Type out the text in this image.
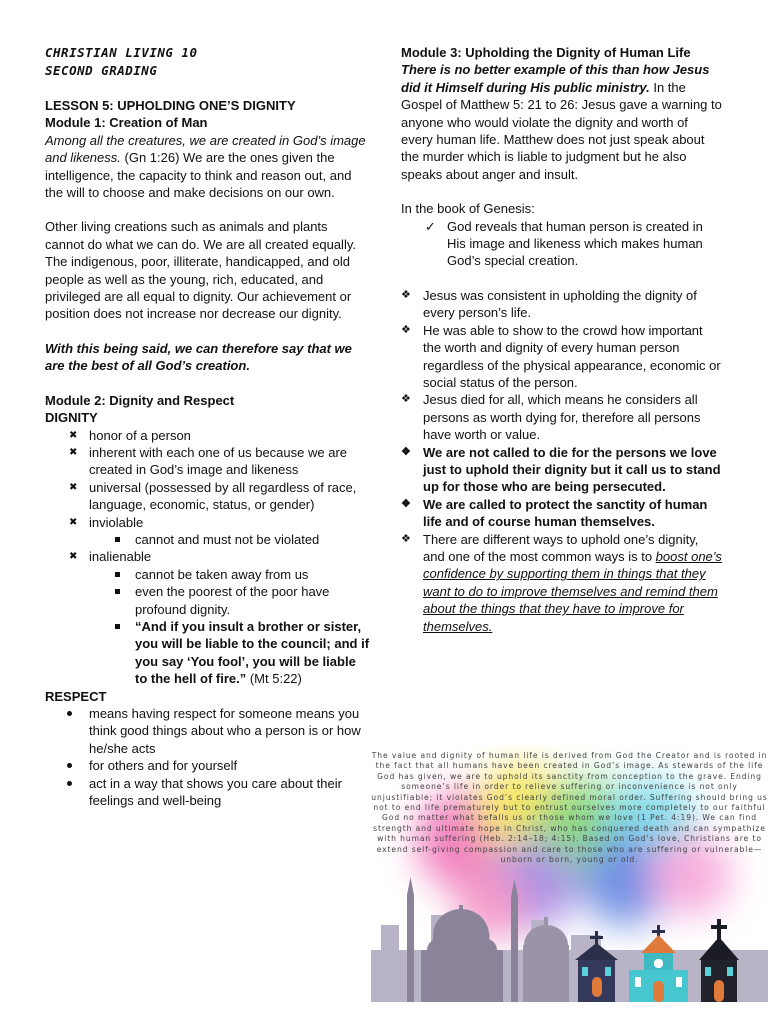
CHRISTIAN LIVING 10
SECOND GRADING
LESSON 5: UPHOLDING ONE’S DIGNITY
Module 1: Creation of Man

Among all the creatures, we are created in God’s image and likeness. (Gn 1:26) We are the ones given the intelligence, the capacity to think and reason out, and the will to choose and make decisions on our own.

Other living creations such as animals and plants cannot do what we can do. We are all created equally. The indigenous, poor, illiterate, handicapped, and old people as well as the young, rich, educated, and privileged are all equal to dignity. Our achievement or position does not increase nor decrease our dignity.

With this being said, we can therefore say that we are the best of all God’s creation.

Module 2: Dignity and Respect
DIGNITY
✖ honor of a person
✖ inherent with each one of us because we are created in God’s image and likeness
✖ universal (possessed by all regardless of race, language, economic, status, or gender)
✖ inviolable
cannot and must not be violated
✖ inalienable
cannot be taken away from us
even the poorest of the poor have profound dignity.
“And if you insult a brother or sister, you will be liable to the council; and if you say ‘You fool’, you will be liable to the hell of fire.” (Mt 5:22)
RESPECT
means having respect for someone means you think good things about who a person is or how he/she acts
for others and for yourself
act in a way that shows you care about their feelings and well-being
Module 3: Upholding the Dignity of Human Life

There is no better example of this than how Jesus did it Himself during His public ministry. In the Gospel of Matthew 5: 21 to 26: Jesus gave a warning to anyone who would violate the dignity and worth of every human life. Matthew does not just speak about the murder which is liable to judgment but he also speaks about anger and insult.

In the book of Genesis:
✓ God reveals that human person is created in His image and likeness which makes human God’s special creation.
❖ Jesus was consistent in upholding the dignity of every person’s life.
❖ He was able to show to the crowd how important the worth and dignity of every human person regardless of the physical appearance, economic or social status of the person.
❖ Jesus died for all, which means he considers all persons as worth dying for, therefore all persons have worth or value.
❖ We are not called to die for the persons we love just to uphold their dignity but it call us to stand up for those who are being persecuted.
❖ We are called to protect the sanctity of human life and of course human themselves.
❖ There are different ways to uphold one’s dignity, and one of the most common ways is to boost one’s confidence by supporting them in things that they want to do to improve themselves and remind them about the things that they have to improve for themselves.
The value and dignity of human life is derived from God the Creator and is rooted in the fact that all humans have been created in God’s image. As stewards of the life God has given, we are to uphold its sanctity from conception to the grave. Ending someone’s life in order to relieve suffering or inconvenience is not only unjustifiable; it violates God’s clearly defined moral order. Suffering should bring us not to end life prematurely but to entrust ourselves more completely to our faithful God no matter what befalls us or those whom we love (1 Pet. 4:19). We can find strength and ultimate hope in Christ, who has conquered death and can sympathize with human suffering (Heb. 2:14–18; 4:15). Based on God’s love, Christians are to extend self-giving compassion and care to those who are suffering or vulnerable—unborn or born, young or old.
